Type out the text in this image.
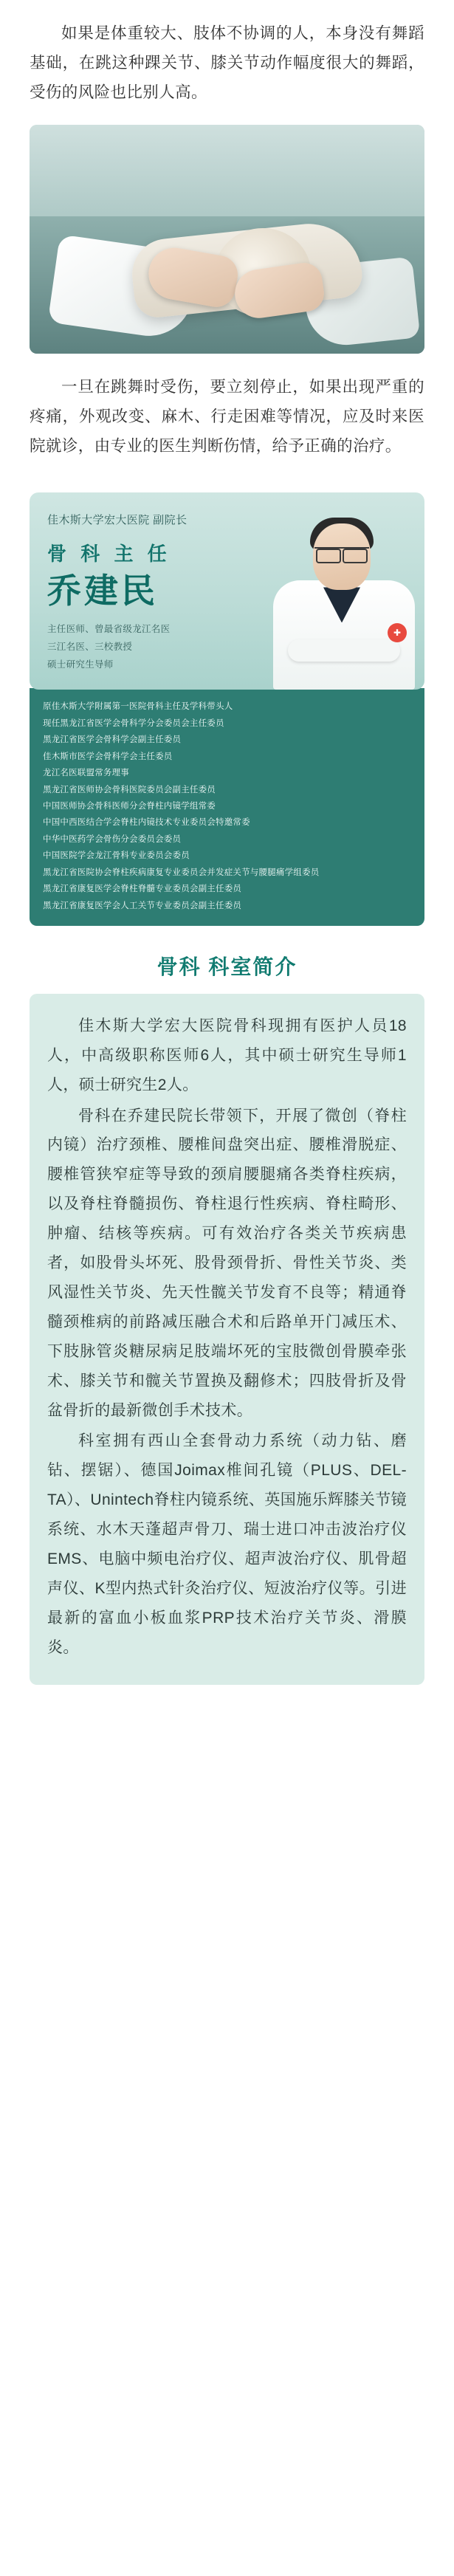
如果是体重较大、肢体不协调的人，本身没有舞蹈基础，在跳这种踝关节、膝关节动作幅度很大的舞蹈，受伤的风险也比别人高。

一旦在跳舞时受伤，要立刻停止，如果出现严重的疼痛，外观改变、麻木、行走困难等情况，应及时来医院就诊，由专业的医生判断伤情，给予正确的治疗。

佳木斯大学宏大医院 副院长
骨 科 主 任
乔建民
主任医师、曾最省级龙江名医
三江名医、三校教授
硕士研究生导师
✚

原佳木斯大学附属第一医院骨科主任及学科带头人

现任黑龙江省医学会骨科学分会委员会主任委员

黑龙江省医学会骨科学会副主任委员

佳木斯市医学会骨科学会主任委员

龙江名医联盟常务理事

黑龙江省医师协会骨科医院委员会副主任委员

中国医师协会骨科医师分会脊柱内镜学组常委

中国中西医结合学会脊柱内镜技术专业委员会特邀常委

中华中医药学会骨伤分会委员会委员

中国医院学会龙江骨科专业委员会委员

黑龙江省医院协会脊柱疾病康复专业委员会并发症关节与腰腿痛学组委员

黑龙江省康复医学会脊柱脊髓专业委员会副主任委员

黑龙江省康复医学会人工关节专业委员会副主任委员

骨科 科室简介

佳木斯大学宏大医院骨科现拥有医护人员18人，中高级职称医师6人，其中硕士研究生导师1人，硕士研究生2人。

骨科在乔建民院长带领下，开展了微创（脊柱内镜）治疗颈椎、腰椎间盘突出症、腰椎滑脱症、腰椎管狭窄症等导致的颈肩腰腿痛各类脊柱疾病，以及脊柱脊髓损伤、脊柱退行性疾病、脊柱畸形、肿瘤、结核等疾病。可有效治疗各类关节疾病患者，如股骨头坏死、股骨颈骨折、骨性关节炎、类风湿性关节炎、先天性髋关节发育不良等；精通脊髓颈椎病的前路减压融合术和后路单开门减压术、下肢脉管炎糖尿病足肢端坏死的宝肢微创骨膜牵张术、膝关节和髋关节置换及翻修术；四肢骨折及骨盆骨折的最新微创手术技术。

科室拥有西山全套骨动力系统（动力钻、磨钻、摆锯）、德国Joimax椎间孔镜（PLUS、DEL-TA）、Unintech脊柱内镜系统、英国施乐辉膝关节镜系统、水木天蓬超声骨刀、瑞士进口冲击波治疗仪EMS、电脑中频电治疗仪、超声波治疗仪、肌骨超声仪、K型内热式针灸治疗仪、短波治疗仪等。引进最新的富血小板血浆PRP技术治疗关节炎、滑膜炎。
